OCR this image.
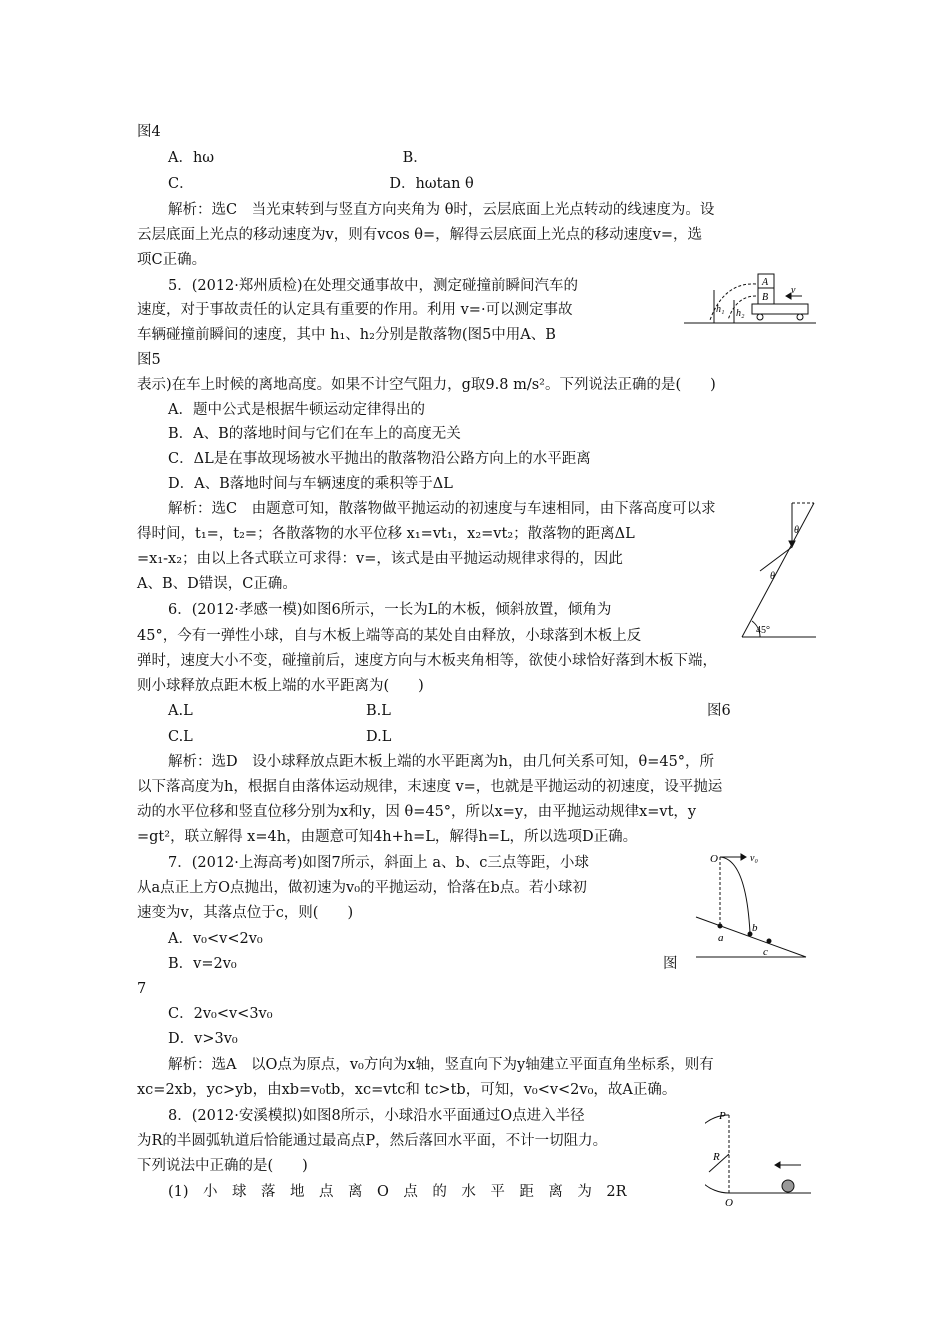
图4
A．hω　　　　　　　　　　　　　B．
C．　　　　　　　　　　　　　　D．hωtan θ
解析：选C　当光束转到与竖直方向夹角为 θ时，云层底面上光点转动的线速度为。设
云层底面上光点的移动速度为v，则有vcos θ=，解得云层底面上光点的移动速度v=，选
项C正确。
5．(2012·郑州质检)在处理交通事故中，测定碰撞前瞬间汽车的
速度，对于事故责任的认定具有重要的作用。利用 v=·可以测定事故
车辆碰撞前瞬间的速度，其中 h₁、h₂分别是散落物(图5中用A、B
图5
表示)在车上时候的离地高度。如果不计空气阻力，g取9.8 m/s²。下列说法正确的是(　　)
A．题中公式是根据牛顿运动定律得出的
B．A、B的落地时间与它们在车上的高度无关
C．ΔL是在事故现场被水平抛出的散落物沿公路方向上的水平距离
D．A、B落地时间与车辆速度的乘积等于ΔL
解析：选C　由题意可知，散落物做平抛运动的初速度与车速相同，由下落高度可以求
得时间，t₁=，t₂=；各散落物的水平位移 x₁=vt₁，x₂=vt₂；散落物的距离ΔL
=x₁-x₂；由以上各式联立可求得：v=，该式是由平抛运动规律求得的，因此
A、B、D错误，C正确。
6．(2012·孝感一模)如图6所示，一长为L的木板，倾斜放置，倾角为
45°，今有一弹性小球，自与木板上端等高的某处自由释放，小球落到木板上反
弹时，速度大小不变，碰撞前后，速度方向与木板夹角相等，欲使小球恰好落到木板下端，
则小球释放点距木板上端的水平距离为(　　)
A.L	B.L	图6
C.L	D.L
解析：选D　设小球释放点距木板上端的水平距离为h，由几何关系可知，θ=45°，所
以下落高度为h，根据自由落体运动规律，末速度 v=，也就是平抛运动的初速度，设平抛运
动的水平位移和竖直位移分别为x和y，因 θ=45°，所以x=y，由平抛运动规律x=vt，y
=gt²，联立解得 x=4h，由题意可知4h+h=L，解得h=L，所以选项D正确。
7．(2012·上海高考)如图7所示，斜面上 a、b、c三点等距，小球
从a点正上方O点抛出，做初速为v₀的平抛运动，恰落在b点。若小球初
速变为v，其落点位于c，则(　　)
A．v₀<v<2v₀
B．v=2v₀	图
7
C．2v₀<v<3v₀
D．v>3v₀
解析：选A　以O点为原点，v₀方向为x轴，竖直向下为y轴建立平面直角坐标系，则有
xc=2xb，yc>yb，由xb=v₀tb，xc=vtc和 tc>tb，可知，v₀<v<2v₀，故A正确。
8．(2012·安溪模拟)如图8所示，小球沿水平面通过O点进入半径
为R的半圆弧轨道后恰能通过最高点P，然后落回水平面，不计一切阻力。
下列说法中正确的是(　　)
(1)　小　球　落　地　点　离　O　点　的　水　平　距　离　为　2R
A
B
v
h₁ h₂
θ
θ
45°
O	v₀
a
b
c
P
R
O
